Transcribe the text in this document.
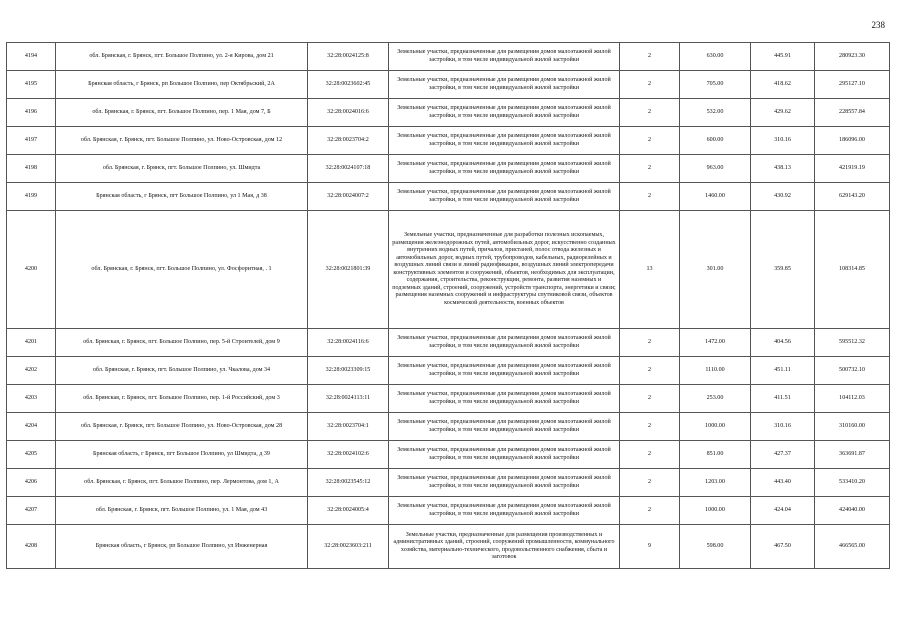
238
4194	обл. Брянская, г. Брянск, пгт. Большое Полпино, ул. 2-я Кирова, дом 21	32:28:0024125:8	Земельные участки, предназначенные для размещения домов малоэтажной жилой застройки, в том числе индивидуальной жилой застройки	2	630.00	445.91	280923.30
4195	Брянская область, г Брянск, рп Большое Полпино, пер Октябрьский, 2А	32:28:0023602:45	Земельные участки, предназначенные для размещения домов малоэтажной жилой застройки, в том числе индивидуальной жилой застройки	2	705.00	418.62	295127.10
4196	обл. Брянская, г. Брянск, пгт. Большое Полпино, пер. 1 Мая, дом 7, Б	32:28:0024016:6	Земельные участки, предназначенные для размещения домов малоэтажной жилой застройки, в том числе индивидуальной жилой застройки	2	532.00	429.62	228557.84
4197	обл. Брянская, г. Брянск, пгт. Большое Полпино, ул. Ново-Островская, дом 12	32:28:0023704:2	Земельные участки, предназначенные для размещения домов малоэтажной жилой застройки, в том числе индивидуальной жилой застройки	2	600.00	310.16	186096.00
4198	обл. Брянская, г. Брянск, пгт. Большое Полпино, ул. Шмидта	32:28:0024107:18	Земельные участки, предназначенные для размещения домов малоэтажной жилой застройки, в том числе индивидуальной жилой застройки	2	963.00	438.13	421919.19
4199	Брянская область, г Брянск, пгт Большое Полпино, ул 1 Мая, д 38	32:28:0024007:2	Земельные участки, предназначенные для размещения домов малоэтажной жилой застройки, в том числе индивидуальной жилой застройки	2	1460.00	430.92	629143.20
4200	обл. Брянская, г. Брянск, пгт. Большое Полпино, ул. Фосфоритная, . 1	32:28:0021801:39	Земельные участки, предназначенные для разработки полезных ископаемых, размещения железнодорожных путей, автомобильных дорог, искусственно созданных внутренних водных путей, причалов, пристаней, полос отвода железных и автомобильных дорог, водных путей, трубопроводов, кабельных, радиорелейных и воздушных линий связи и линий радиофикации, воздушных линий электропередачи конструктивных элементов и сооружений, объектов, необходимых для эксплуатации, содержания, строительства, реконструкции, ремонта, развития наземных и подземных зданий, строений, сооружений, устройств транспорта, энергетики и связи; размещения наземных сооружений и инфраструктуры спутниковой связи, объектов космической деятельности, военных объектов	13	301.00	359.85	108314.85
4201	обл. Брянская, г. Брянск, пгт. Большое Полпино, пер. 5-й Строителей, дом 9	32:28:0024116:6	Земельные участки, предназначенные для размещения домов малоэтажной жилой застройки, в том числе индивидуальной жилой застройки	2	1472.00	404.56	595512.32
4202	обл. Брянская, г. Брянск, пгт. Большое Полпино, ул. Чкалова, дом 34	32:28:0023309:15	Земельные участки, предназначенные для размещения домов малоэтажной жилой застройки, в том числе индивидуальной жилой застройки	2	1110.00	451.11	500732.10
4203	обл. Брянская, г. Брянск, пгт. Большое Полпино, пер. 1-й Российский, дом 3	32:28:0024113:11	Земельные участки, предназначенные для размещения домов малоэтажной жилой застройки, в том числе индивидуальной жилой застройки	2	253.00	411.51	104112.03
4204	обл. Брянская, г. Брянск, пгт. Большое Полпино, ул. Ново-Островская, дом 28	32:28:0023704:1	Земельные участки, предназначенные для размещения домов малоэтажной жилой застройки, в том числе индивидуальной жилой застройки	2	1000.00	310.16	310160.00
4205	Брянская область, г Брянск, пгт Большое Полпино, ул Шмидта, д 39	32:28:0024102:6	Земельные участки, предназначенные для размещения домов малоэтажной жилой застройки, в том числе индивидуальной жилой застройки	2	851.00	427.37	363691.87
4206	обл. Брянская, г. Брянск, пгт. Большое Полпино, пер. Лермонтова, дом 1, А	32:28:0023545:12	Земельные участки, предназначенные для размещения домов малоэтажной жилой застройки, в том числе индивидуальной жилой застройки	2	1203.00	443.40	533410.20
4207	обл. Брянская, г. Брянск, пгт. Большое Полпино, ул. 1 Мая, дом 43	32:28:0024005:4	Земельные участки, предназначенные для размещения домов малоэтажной жилой застройки, в том числе индивидуальной жилой застройки	2	1000.00	424.04	424040.00
4208	Брянская область, г Брянск, рп Большое Полпино, ул Инженерная	32:28:0023603:211	Земельные участки, предназначенные для размещения производственных и административных зданий, строений, сооружений промышленности, коммунального хозяйства, материально-технического, продовольственного снабжения, сбыта и заготовок	9	598.00	467.50	466565.00
